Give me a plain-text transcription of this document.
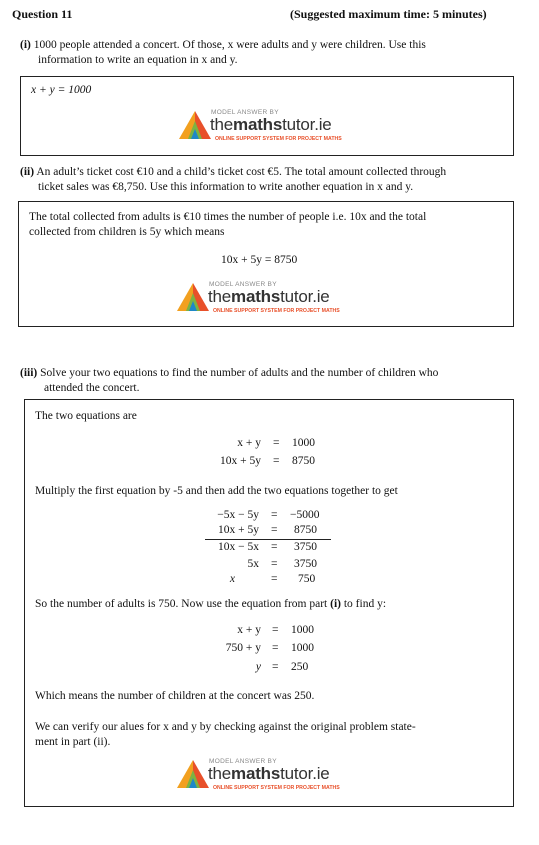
Question 11	(Suggested maximum time: 5 minutes)
(i) 1000 people attended a concert. Of those, x were adults and y were children. Use this
information to write an equation in x and y.
x + y = 1000
MODEL ANSWER BY
themathstutor.ie
ONLINE SUPPORT SYSTEM FOR PROJECT MATHS
(ii) An adult’s ticket cost €10 and a child’s ticket cost €5. The total amount collected through
ticket sales was €8,750. Use this information to write another equation in x and y.
The total collected from adults is €10 times the number of people i.e. 10x and the total
collected from children is 5y which means
10x + 5y = 8750
MODEL ANSWER BY
themathstutor.ie
ONLINE SUPPORT SYSTEM FOR PROJECT MATHS
(iii) Solve your two equations to find the number of adults and the number of children who
attended the concert.
The two equations are
x + y = 1000
10x + 5y = 8750
Multiply the first equation by -5 and then add the two equations together to get
−5x − 5y = −5000
10x + 5y = 8750
10x − 5x = 3750
5x = 3750
x	= 750
So the number of adults is 750. Now use the equation from part (i) to find y:
x + y = 1000
750 + y = 1000
y = 250
Which means the number of children at the concert was 250.
We can verify our alues for x and y by checking against the original problem state-
ment in part (ii).
MODEL ANSWER BY
themathstutor.ie
ONLINE SUPPORT SYSTEM FOR PROJECT MATHS
